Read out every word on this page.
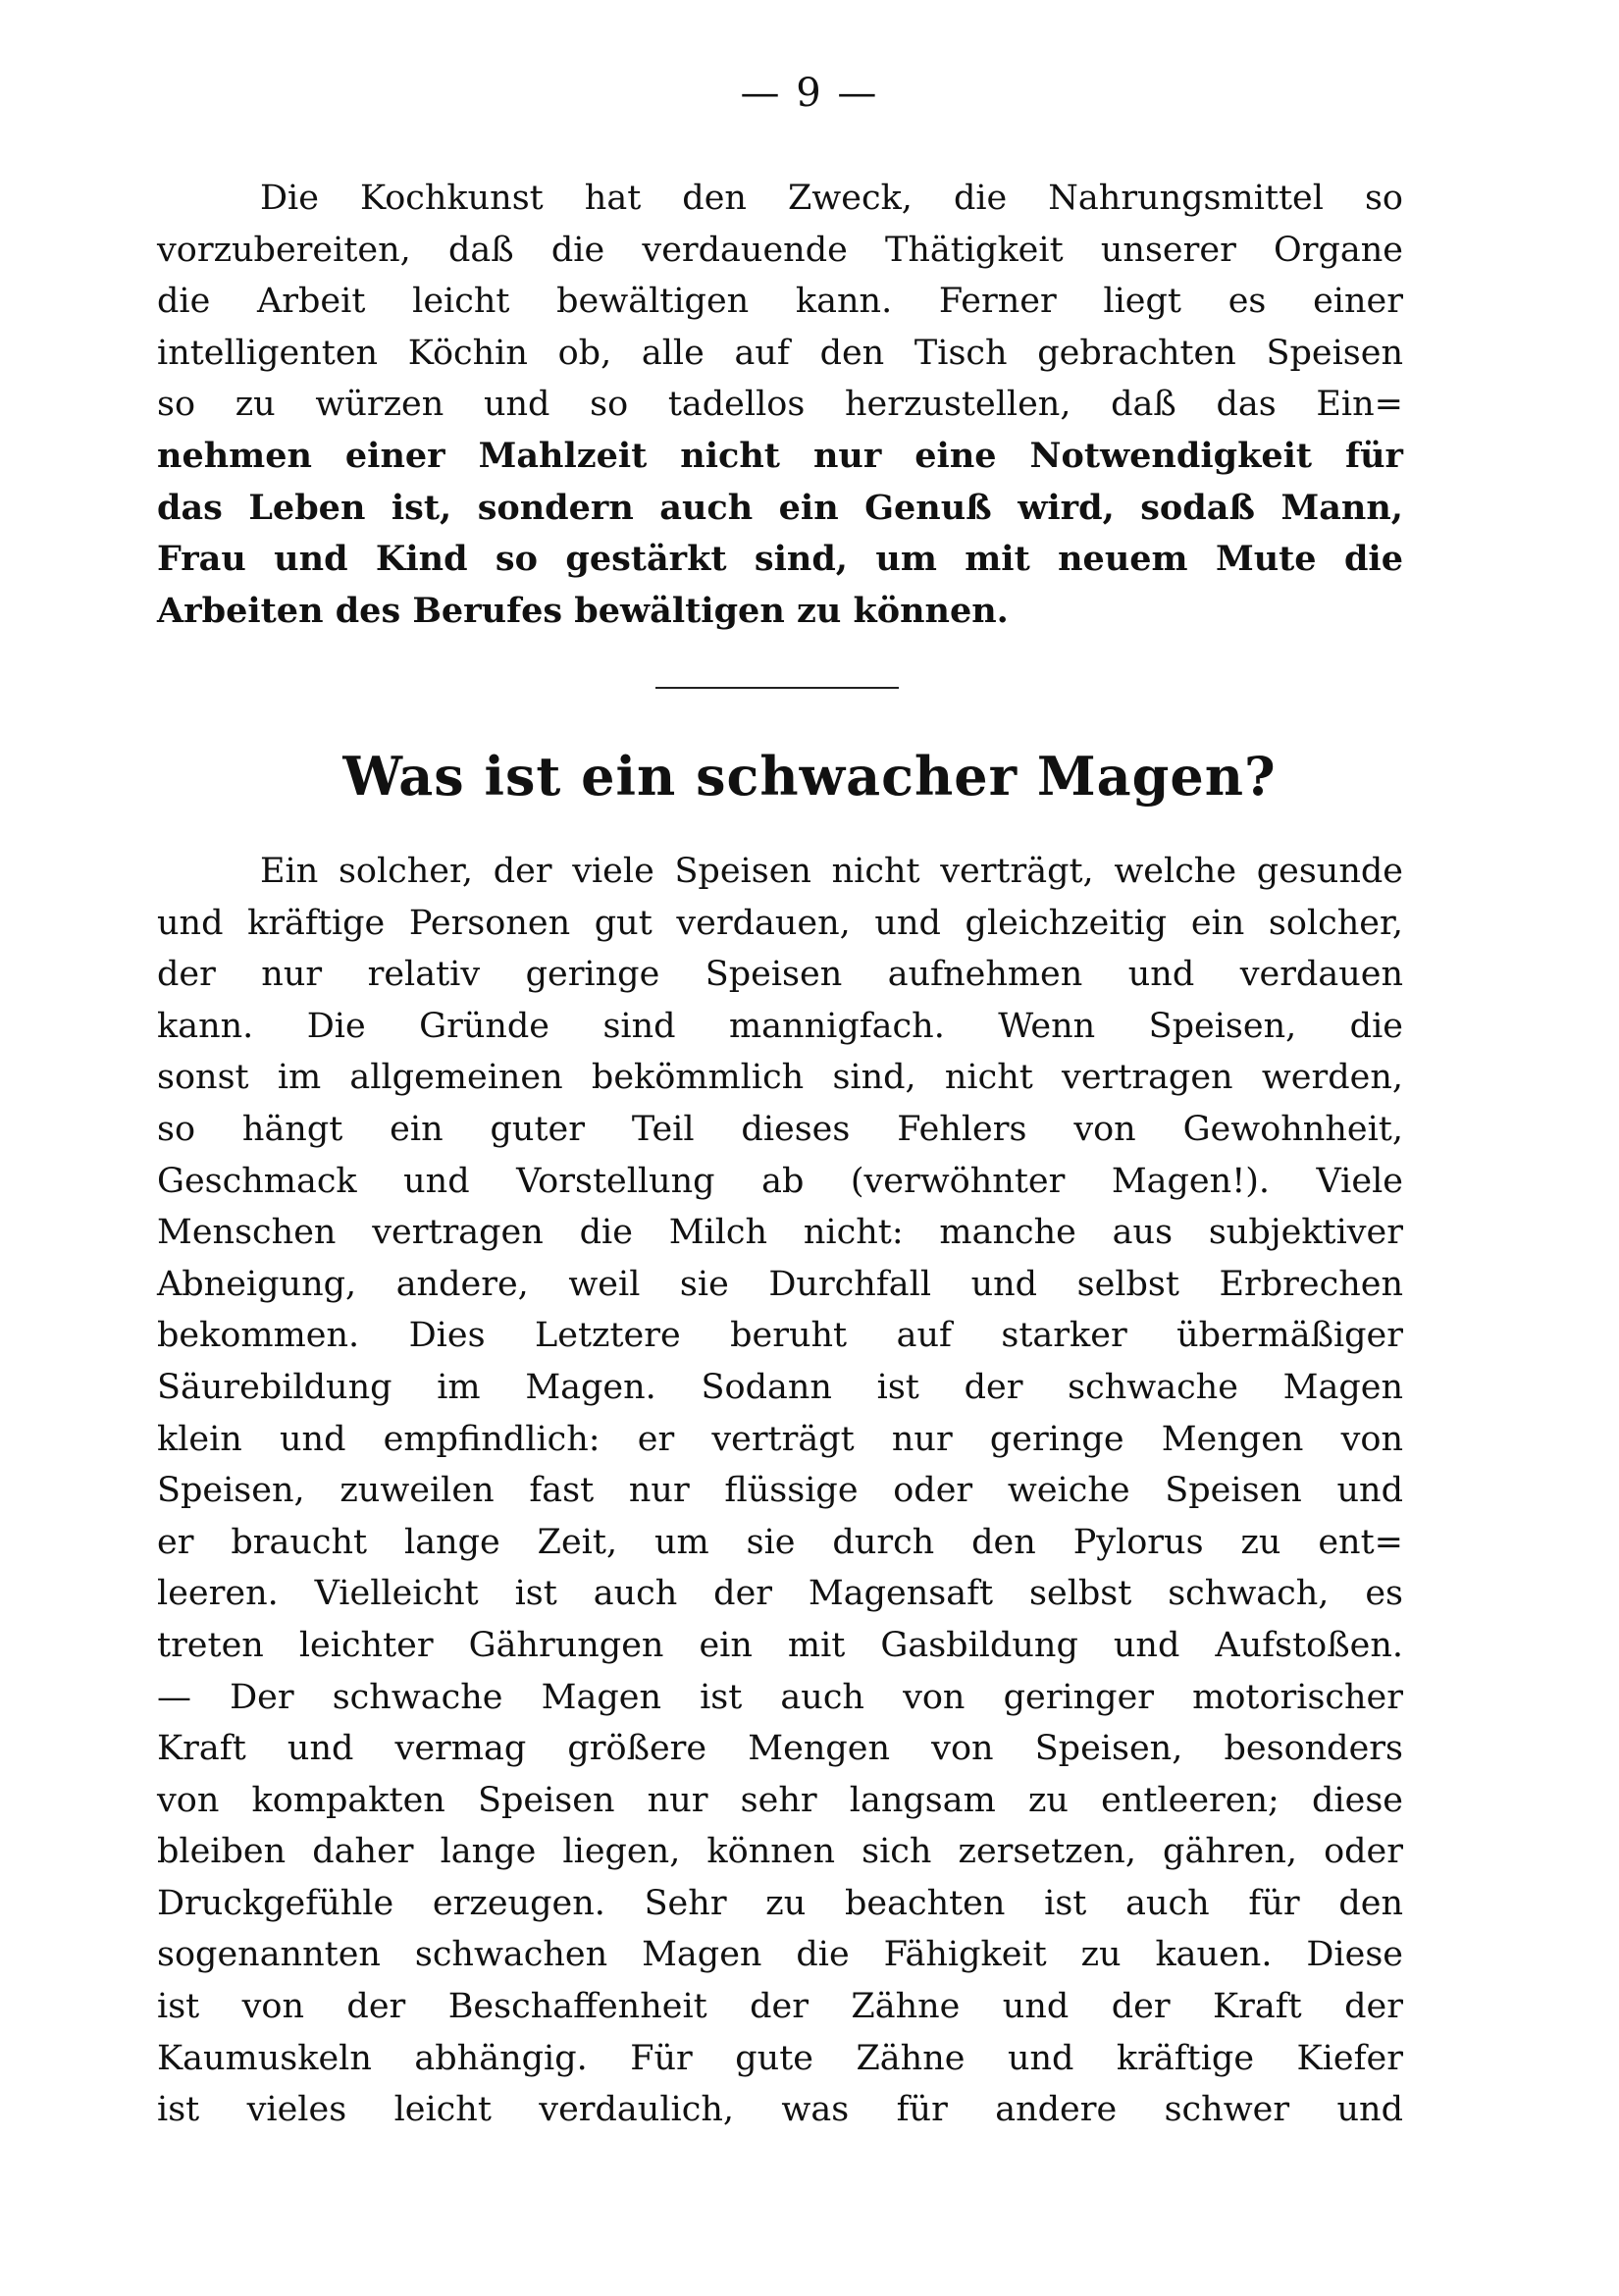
— 9 —
Die Kochkunst hat den Zweck, die Nahrungsmittel so
vorzubereiten, daß die verdauende Thätigkeit unserer Organe
die Arbeit leicht bewältigen kann. Ferner liegt es einer
intelligenten Köchin ob, alle auf den Tisch gebrachten Speisen
so zu würzen und so tadellos herzustellen, daß das Ein=
nehmen einer Mahlzeit nicht nur eine Notwendigkeit für
das Leben ist, sondern auch ein Genuß wird, sodaß Mann,
Frau und Kind so gestärkt sind, um mit neuem Mute die
Arbeiten des Berufes bewältigen zu können.
Was ist ein schwacher Magen?
Ein solcher, der viele Speisen nicht verträgt, welche gesunde
und kräftige Personen gut verdauen, und gleichzeitig ein solcher,
der nur relativ geringe Speisen aufnehmen und verdauen
kann. Die Gründe sind mannigfach. Wenn Speisen, die
sonst im allgemeinen bekömmlich sind, nicht vertragen werden,
so hängt ein guter Teil dieses Fehlers von Gewohnheit,
Geschmack und Vorstellung ab (verwöhnter Magen!). Viele
Menschen vertragen die Milch nicht: manche aus subjektiver
Abneigung, andere, weil sie Durchfall und selbst Erbrechen
bekommen. Dies Letztere beruht auf starker übermäßiger
Säurebildung im Magen. Sodann ist der schwache Magen
klein und empfindlich: er verträgt nur geringe Mengen von
Speisen, zuweilen fast nur flüssige oder weiche Speisen und
er braucht lange Zeit, um sie durch den Pylorus zu ent=
leeren. Vielleicht ist auch der Magensaft selbst schwach, es
treten leichter Gährungen ein mit Gasbildung und Aufstoßen.
— Der schwache Magen ist auch von geringer motorischer
Kraft und vermag größere Mengen von Speisen, besonders
von kompakten Speisen nur sehr langsam zu entleeren; diese
bleiben daher lange liegen, können sich zersetzen, gähren, oder
Druckgefühle erzeugen. Sehr zu beachten ist auch für den
sogenannten schwachen Magen die Fähigkeit zu kauen. Diese
ist von der Beschaffenheit der Zähne und der Kraft der
Kaumuskeln abhängig. Für gute Zähne und kräftige Kiefer
ist vieles leicht verdaulich, was für andere schwer und
